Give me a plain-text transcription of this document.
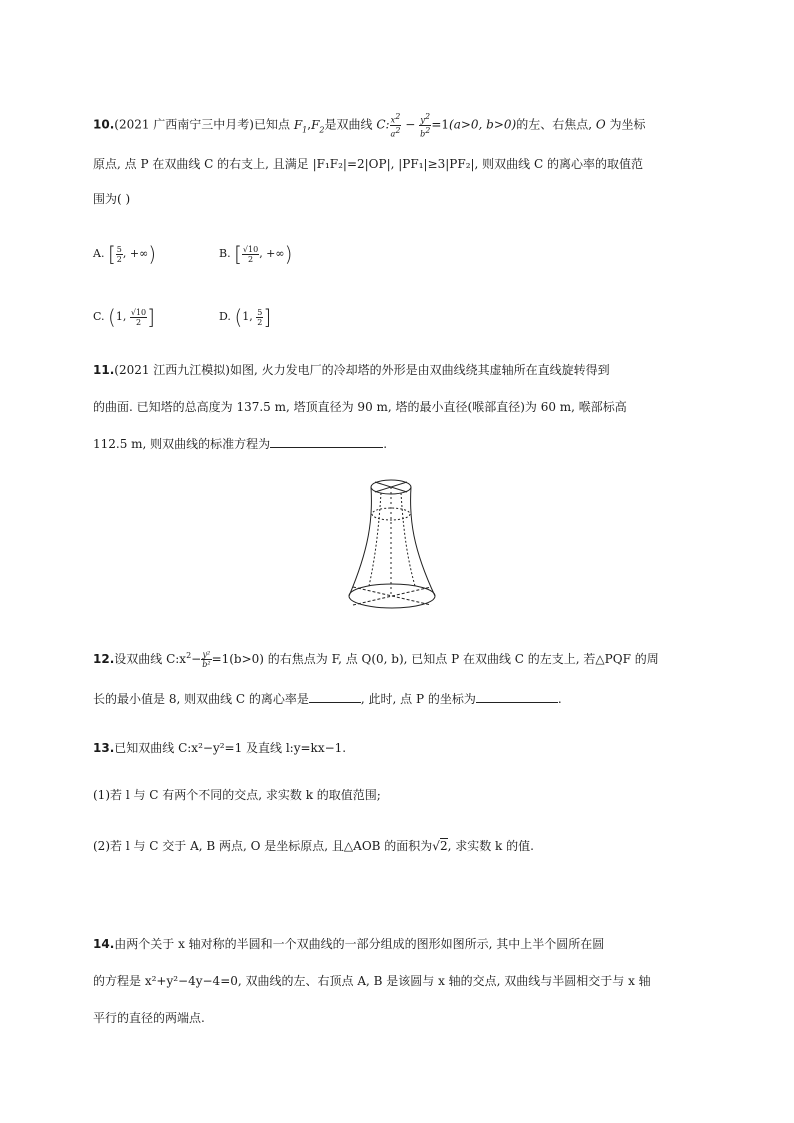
10.(2021 广西南宁三中月考)已知点 $F_1,F_2$是双曲线 C: $\frac{x^2}{a^2} - \frac{y^2}{b^2} =1(a>0$, b>0)的左、右焦点, O 为坐标
原点, 点 P 在双曲线 C 的右支上, 且满足 |F₁F₂|=2|OP|, |PF₁|≥3|PF₂|, 则双曲线 C 的离心率的取值范
围为( )
A. [ $\frac{5}{2}$ , +∞)	B. [ $\frac{√10}{2}$ , +∞)
C. (1, $\frac{√10}{2}$ ]	D. (1, $\frac{5}{2}$ ]
11.(2021 江西九江模拟)如图, 火力发电厂的冷却塔的外形是由双曲线绕其虚轴所在直线旋转得到
的曲面. 已知塔的总高度为 137.5 m, 塔顶直径为 90 m, 塔的最小直径(喉部直径)为 60 m, 喉部标高
112.5 m, 则双曲线的标准方程为	.
12.设双曲线 $C:x^2- \frac{\text{y²}}{\text{b²}} =1(b>0)$ 的右焦点为 F, 点 Q(0, b), 已知点 P 在双曲线 C 的左支上, 若△PQF 的周
长的最小值是 8, 则双曲线 C 的离心率是	, 此时, 点 P 的坐标为	.
13.已知双曲线 C:x²−y²=1 及直线 l:y=kx−1.
(1)若 l 与 C 有两个不同的交点, 求实数 k 的取值范围;
(2)若 l 与 C 交于 A, B 两点, O 是坐标原点, 且△AOB 的面积为√2, 求实数 k 的值.
14.由两个关于 x 轴对称的半圆和一个双曲线的一部分组成的图形如图所示, 其中上半个圆所在圆
的方程是 x²+y²−4y−4=0, 双曲线的左、右顶点 A, B 是该圆与 x 轴的交点, 双曲线与半圆相交于与 x 轴
平行的直径的两端点.
